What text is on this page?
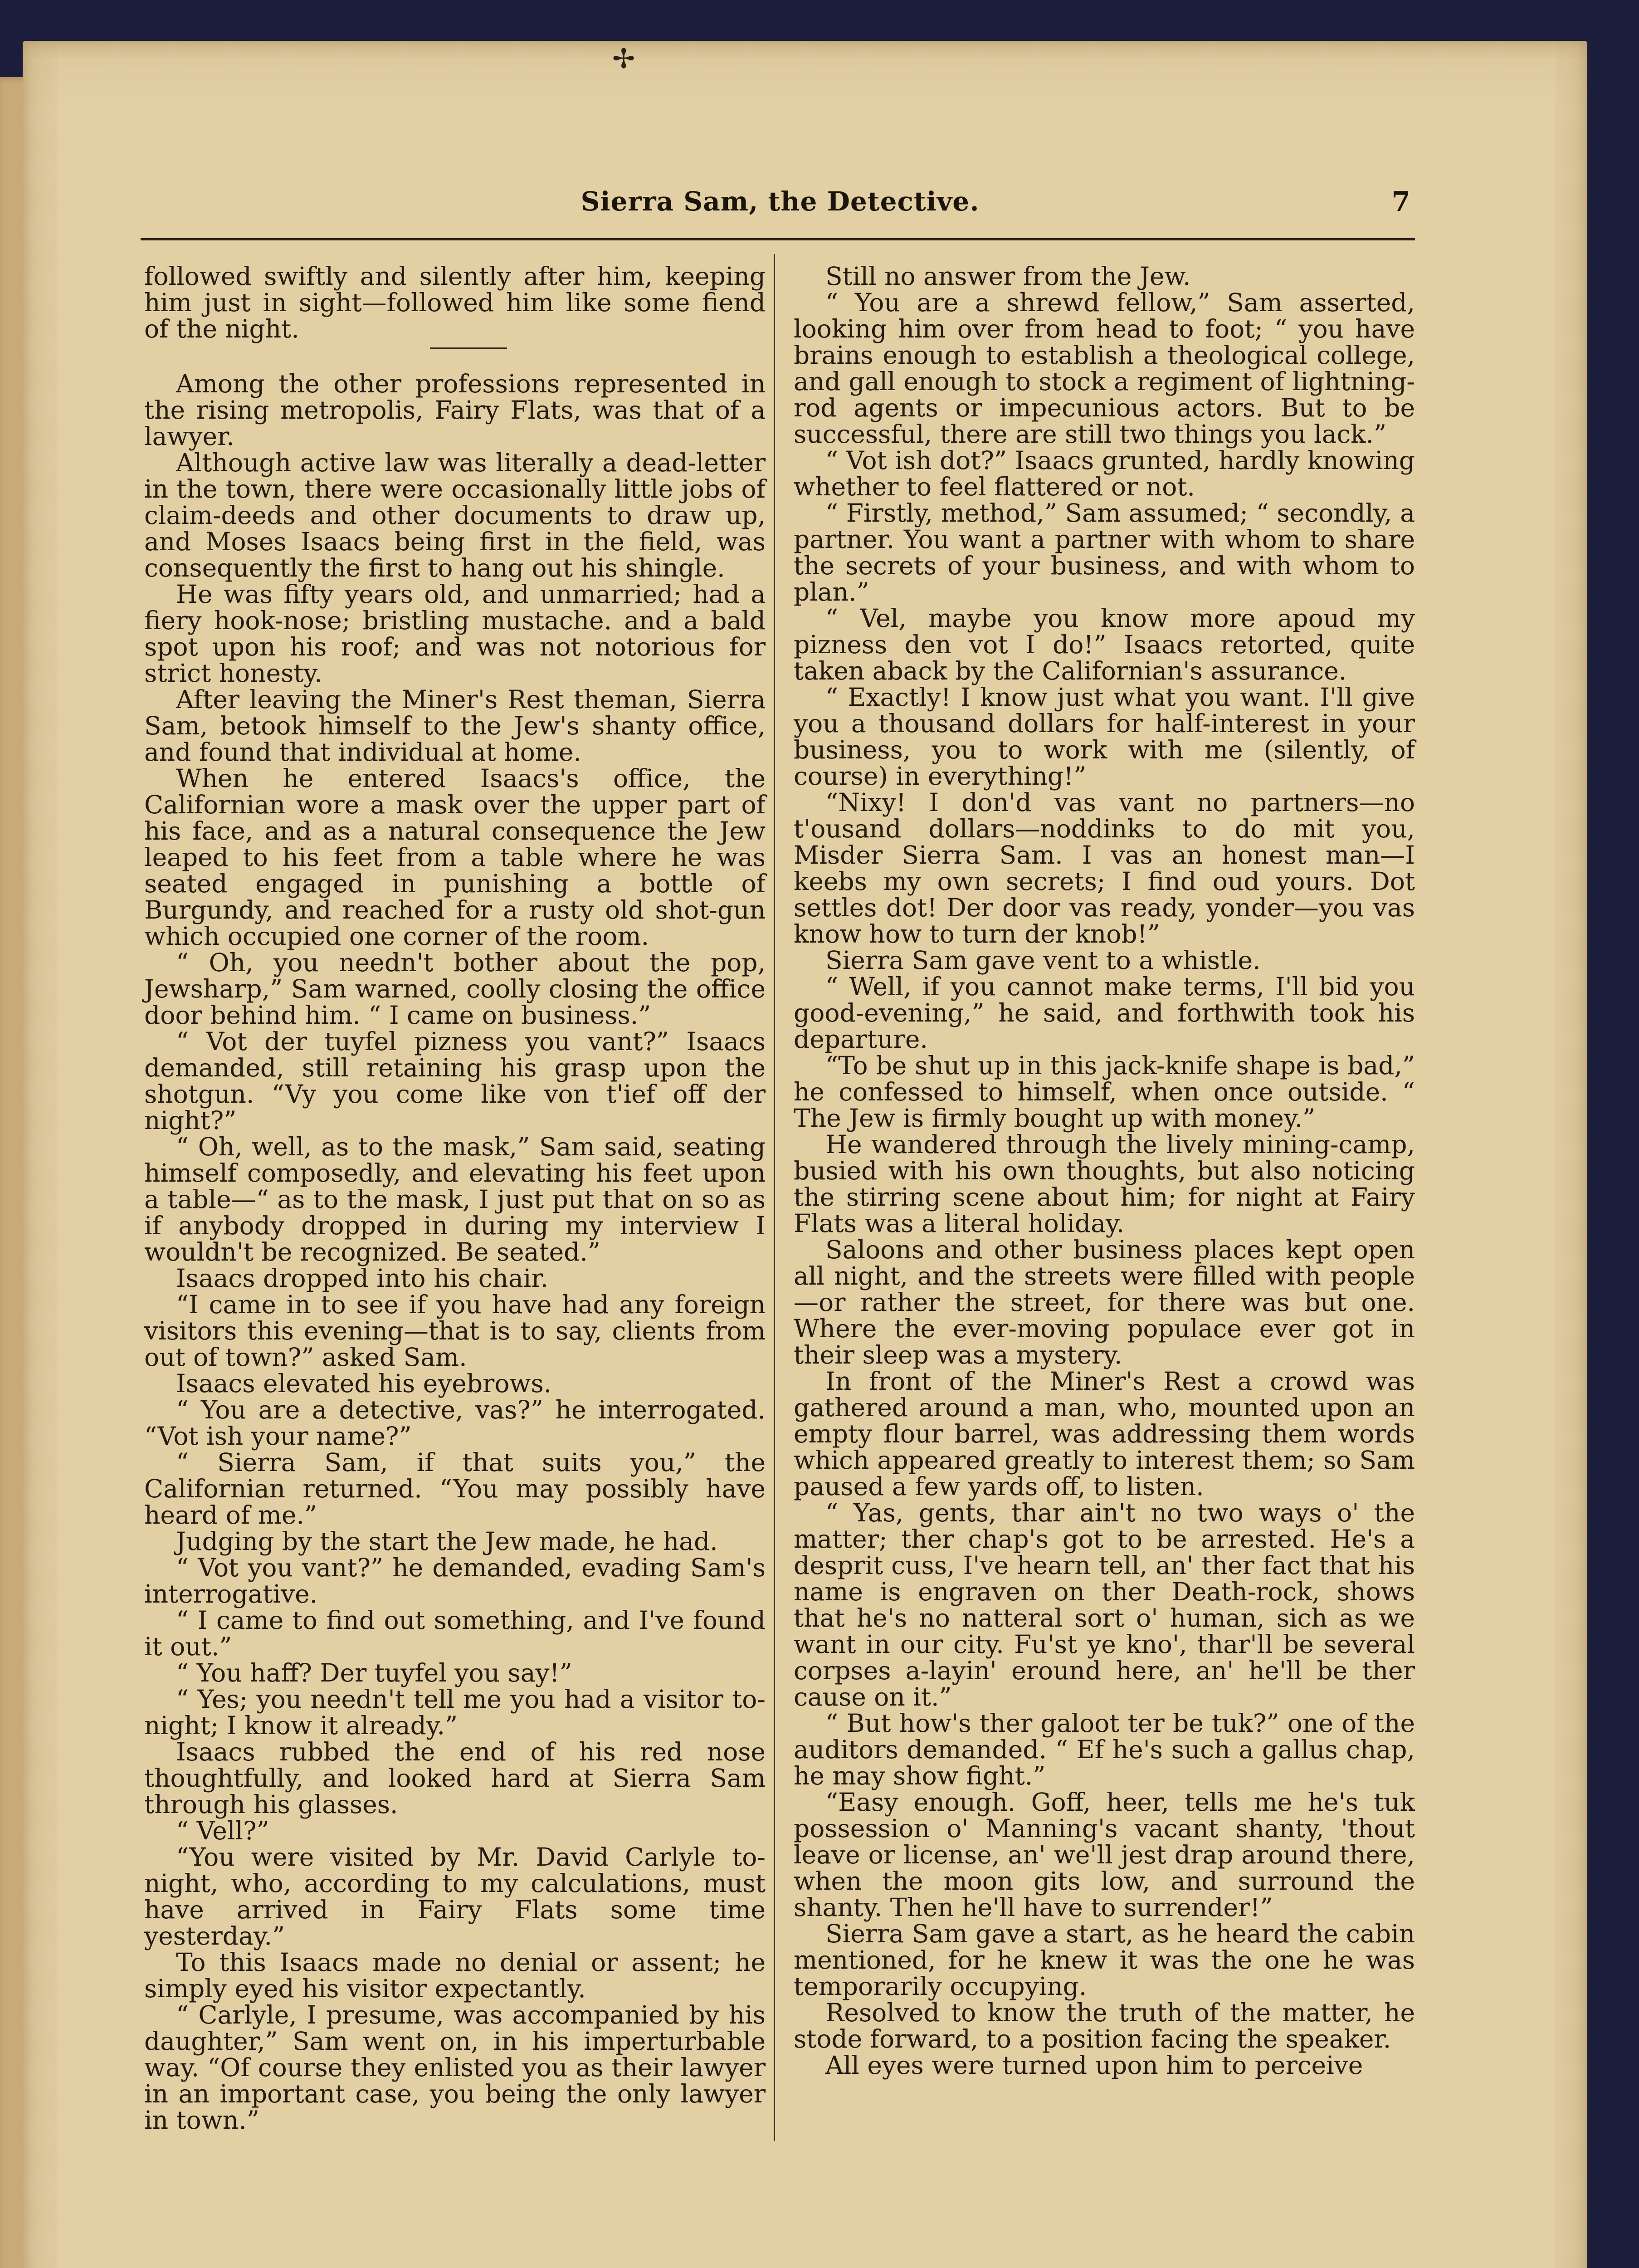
✢
Sierra Sam, the Detective.	7

followed swiftly and silently after him, keeping him just in sight—followed him like some fiend of the night.

Among the other professions represented in the rising metropolis, Fairy Flats, was that of a lawyer.

Although active law was literally a dead-letter in the town, there were occasionally little jobs of claim-deeds and other documents to draw up, and Moses Isaacs being first in the field, was consequently the first to hang out his shingle.

He was fifty years old, and unmarried; had a fiery hook-nose; bristling mustache. and a bald spot upon his roof; and was not notorious for strict honesty.

After leaving the Miner's Rest theman, Sierra Sam, betook himself to the Jew's shanty office, and found that individual at home.

When he entered Isaacs's office, the Californian wore a mask over the upper part of his face, and as a natural consequence the Jew leaped to his feet from a table where he was seated engaged in punishing a bottle of Burgundy, and reached for a rusty old shot-gun which occupied one corner of the room.

“ Oh, you needn't bother about the pop, Jewsharp,” Sam warned, coolly closing the office door behind him. “ I came on business.”

“ Vot der tuyfel pizness you vant?” Isaacs demanded, still retaining his grasp upon the shotgun. “Vy you come like von t'ief off der night?”

“ Oh, well, as to the mask,” Sam said, seating himself composedly, and elevating his feet upon a table—“ as to the mask, I just put that on so as if anybody dropped in during my interview I wouldn't be recognized. Be seated.”

Isaacs dropped into his chair.

“I came in to see if you have had any foreign visitors this evening—that is to say, clients from out of town?” asked Sam.

Isaacs elevated his eyebrows.

“ You are a detective, vas?” he interrogated. “Vot ish your name?”

“ Sierra Sam, if that suits you,” the Californian returned. “You may possibly have heard of me.”

Judging by the start the Jew made, he had.

“ Vot you vant?” he demanded, evading Sam's interrogative.

“ I came to find out something, and I've found it out.”

“ You haff? Der tuyfel you say!”

“ Yes; you needn't tell me you had a visitor to-night; I know it already.”

Isaacs rubbed the end of his red nose thoughtfully, and looked hard at Sierra Sam through his glasses.

“ Vell?”

“You were visited by Mr. David Carlyle to-night, who, according to my calculations, must have arrived in Fairy Flats some time yesterday.”

To this Isaacs made no denial or assent; he simply eyed his visitor expectantly.

“ Carlyle, I presume, was accompanied by his daughter,” Sam went on, in his imperturbable way. “Of course they enlisted you as their lawyer in an important case, you being the only lawyer in town.”

Still no answer from the Jew.

“ You are a shrewd fellow,” Sam asserted, looking him over from head to foot; “ you have brains enough to establish a theological college, and gall enough to stock a regiment of lightning-rod agents or impecunious actors. But to be successful, there are still two things you lack.”

“ Vot ish dot?” Isaacs grunted, hardly knowing whether to feel flattered or not.

“ Firstly, method,” Sam assumed; “ secondly, a partner. You want a partner with whom to share the secrets of your business, and with whom to plan.”

“ Vel, maybe you know more apoud my pizness den vot I do!” Isaacs retorted, quite taken aback by the Californian's assurance.

“ Exactly! I know just what you want. I'll give you a thousand dollars for half-interest in your business, you to work with me (silently, of course) in everything!”

“Nixy! I don'd vas vant no partners—no t'ousand dollars—noddinks to do mit you, Misder Sierra Sam. I vas an honest man—I keebs my own secrets; I find oud yours. Dot settles dot! Der door vas ready, yonder—you vas know how to turn der knob!”

Sierra Sam gave vent to a whistle.

“ Well, if you cannot make terms, I'll bid you good-evening,” he said, and forthwith took his departure.

“To be shut up in this jack-knife shape is bad,” he confessed to himself, when once outside. “ The Jew is firmly bought up with money.”

He wandered through the lively mining-camp, busied with his own thoughts, but also noticing the stirring scene about him; for night at Fairy Flats was a literal holiday.

Saloons and other business places kept open all night, and the streets were filled with people —or rather the street, for there was but one. Where the ever-moving populace ever got in their sleep was a mystery.

In front of the Miner's Rest a crowd was gathered around a man, who, mounted upon an empty flour barrel, was addressing them words which appeared greatly to interest them; so Sam paused a few yards off, to listen.

“ Yas, gents, thar ain't no two ways o' the matter; ther chap's got to be arrested. He's a desprit cuss, I've hearn tell, an' ther fact that his name is engraven on ther Death-rock, shows that he's no natteral sort o' human, sich as we want in our city. Fu'st ye kno', thar'll be several corpses a-layin' eround here, an' he'll be ther cause on it.”

“ But how's ther galoot ter be tuk?” one of the auditors demanded. “ Ef he's such a gallus chap, he may show fight.”

“Easy enough. Goff, heer, tells me he's tuk possession o' Manning's vacant shanty, 'thout leave or license, an' we'll jest drap around there, when the moon gits low, and surround the shanty. Then he'll have to surrender!”

Sierra Sam gave a start, as he heard the cabin mentioned, for he knew it was the one he was temporarily occupying.

Resolved to know the truth of the matter, he stode forward, to a position facing the speaker.

All eyes were turned upon him to perceive
